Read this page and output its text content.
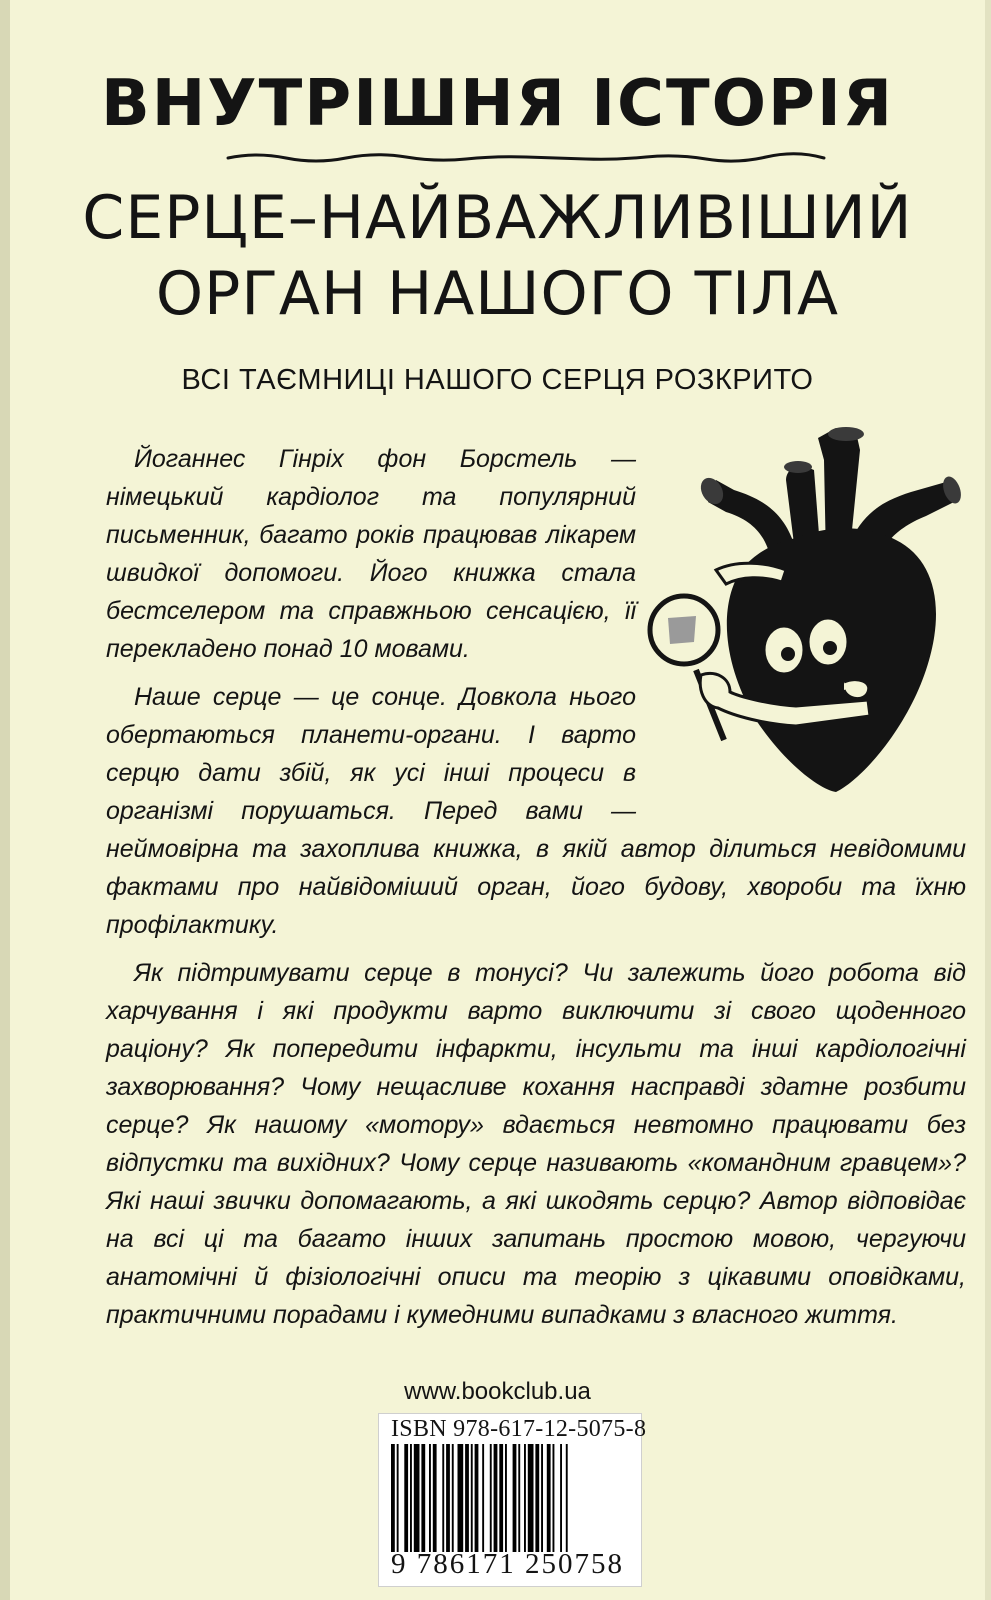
ВНУТРІШНЯ ІСТОРІЯ
СЕРЦЕ–НАЙВАЖЛИВІШИЙ
ОРГАН НАШОГО ТІЛА
ВСІ ТАЄМНИЦІ НАШОГО СЕРЦЯ РОЗКРИТО

Йоганнес Гінріх фон Борстель — німецький кардіолог та популярний письменник, багато років працював лікарем швидкої допомоги. Його книжка стала бестселером та справжньою сенсацією, її перекладено понад 10 мовами.

Наше серце — це сонце. Довкола нього обертаються планети-органи. І варто серцю дати збій, як усі інші процеси в організмі порушаться. Перед вами — неймовірна та захоплива книжка, в якій автор ділиться невідомими фактами про найвідоміший орган, його будову, хвороби та їхню профілактику.

Як підтримувати серце в тонусі? Чи залежить його робота від харчування і які продукти варто виключити зі свого щоденного раціону? Як попередити інфаркти, інсульти та інші кардіологічні захворювання? Чому нещасливе кохання насправді здатне розбити серце? Як нашому «мотору» вдається невтомно працювати без відпустки та вихідних? Чому серце називають «командним гравцем»? Які наші звички допомагають, а які шкодять серцю? Автор відповідає на всі ці та багато інших запитань простою мовою, чергуючи анатомічні й фізіологічні описи та теорію з цікавими оповідками, практичними порадами і кумедними випадками з власного життя.

www.bookclub.ua
ISBN 978-617-12-5075-8
9 786171 250758
